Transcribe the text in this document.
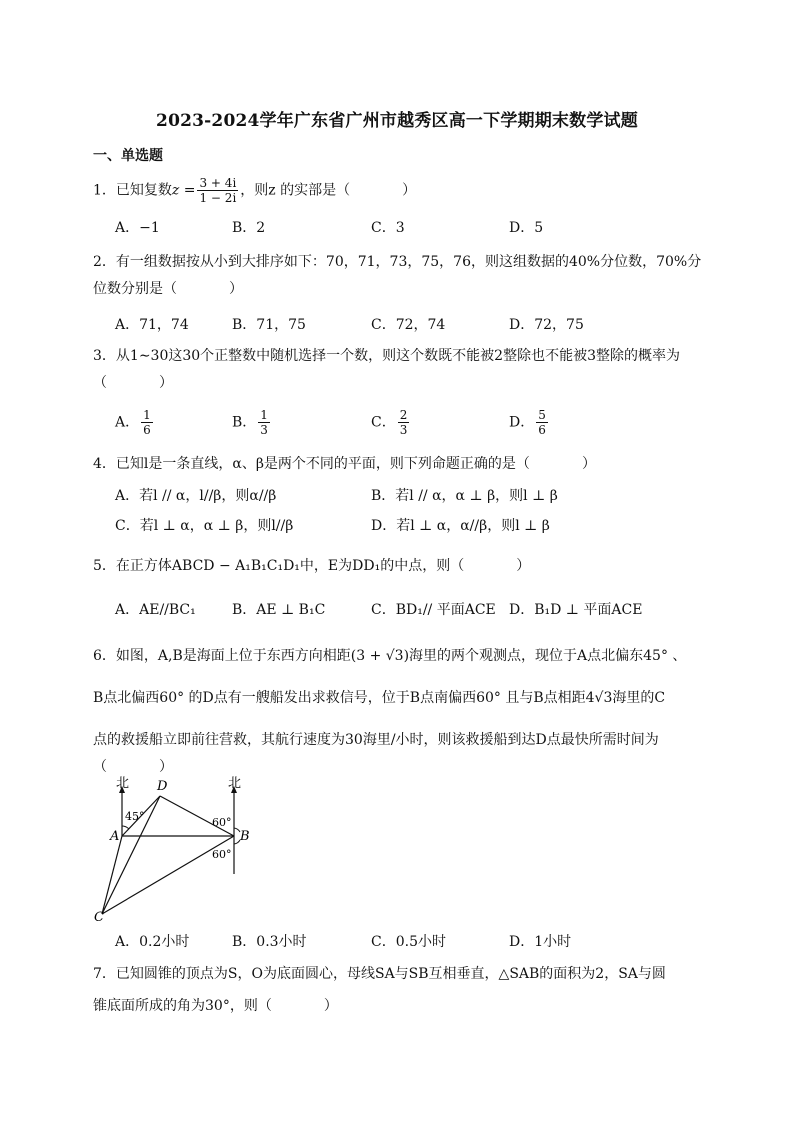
2023-2024学年广东省广州市越秀区高一下学期期末数学试题
一、单选题
1．已知复数$z = \frac{3 + 4i}{1 - 2i}$ ，则z 的实部是（	）
A．−1	B．2	C．3	D．5
2．有一组数据按从小到大排序如下：70，71，73，75，76，则这组数据的40%分位数，70%分
位数分别是（	）
A．71，74	B．71，75	C．72，74	D．72，75
3．从1∼30这30个正整数中随机选择一个数，则这个数既不能被2整除也不能被3整除的概率为
（	）
A． $\frac{1}{6}$	B． $\frac{1}{3}$	C． $\frac{2}{3}$	D． $\frac{5}{6}$
4．已知l是一条直线，α、β是两个不同的平面，则下列命题正确的是（	）
A．若l // α，l//β，则α//β	B．若l // α，α ⊥ β，则l ⊥ β
C．若l ⊥ α，α ⊥ β，则l//β	D．若l ⊥ α，α//β，则l ⊥ β
5．在正方体ABCD − A₁B₁C₁D₁中，E为DD₁的中点，则（	）
A．AE//BC₁	B．AE ⊥ B₁C	C．BD₁// 平面ACE D．B₁D ⊥ 平面ACE
6．如图，A,B是海面上位于东西方向相距(3 + √3)海里的两个观测点，现位于A点北偏东45° 、
B点北偏西60° 的D点有一艘船发出求救信号，位于B点南偏西60° 且与B点相距4√3海里的C
点的救援船立即前往营救，其航行速度为30海里/小时，则该救援船到达D点最快所需时间为
（	）
北	北
D
A	B
C
45°	60°
60°
A．0.2小时	B．0.3小时	C．0.5小时	D．1小时
7．已知圆锥的顶点为S，O为底面圆心，母线SA与SB互相垂直，△SAB的面积为2，SA与圆
锥底面所成的角为30°，则（	）
